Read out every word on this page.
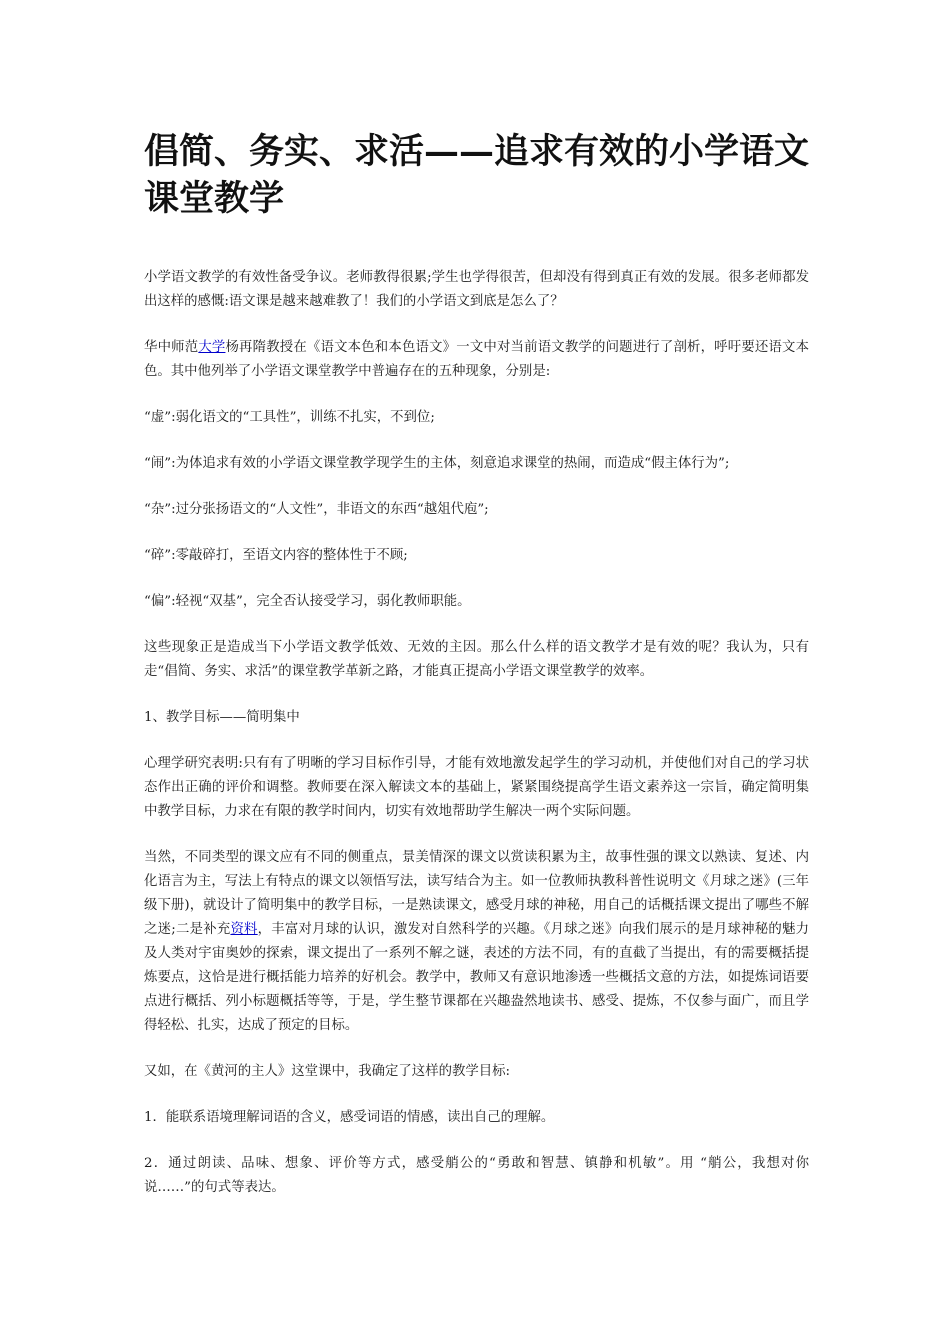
倡简、务实、求活——追求有效的小学语文课堂教学

小学语文教学的有效性备受争议。老师教得很累;学生也学得很苦，但却没有得到真正有效的发展。很多老师都发出这样的感慨:语文课是越来越难教了！我们的小学语文到底是怎么了？

华中师范大学杨再隋教授在《语文本色和本色语文》一文中对当前语文教学的问题进行了剖析，呼吁要还语文本色。其中他列举了小学语文课堂教学中普遍存在的五种现象，分别是:

“虚”:弱化语文的“工具性”，训练不扎实，不到位;

“闹”:为体追求有效的小学语文课堂教学现学生的主体，刻意追求课堂的热闹，而造成“假主体行为”;

“杂”:过分张扬语文的“人文性”，非语文的东西“越俎代庖”;

“碎”:零敲碎打，至语文内容的整体性于不顾;

“偏”:轻视“双基”，完全否认接受学习，弱化教师职能。

这些现象正是造成当下小学语文教学低效、无效的主因。那么什么样的语文教学才是有效的呢？我认为，只有走“倡简、务实、求活”的课堂教学革新之路，才能真正提高小学语文课堂教学的效率。

1、教学目标——简明集中

心理学研究表明:只有有了明晰的学习目标作引导，才能有效地激发起学生的学习动机，并使他们对自己的学习状态作出正确的评价和调整。教师要在深入解读文本的基础上，紧紧围绕提高学生语文素养这一宗旨，确定简明集中教学目标，力求在有限的教学时间内，切实有效地帮助学生解决一两个实际问题。

当然，不同类型的课文应有不同的侧重点，景美情深的课文以赏读积累为主，故事性强的课文以熟读、复述、内化语言为主，写法上有特点的课文以领悟写法，读写结合为主。如一位教师执教科普性说明文《月球之迷》(三年级下册)，就设计了简明集中的教学目标，一是熟读课文，感受月球的神秘，用自己的话概括课文提出了哪些不解之迷;二是补充资料，丰富对月球的认识，激发对自然科学的兴趣。《月球之迷》向我们展示的是月球神秘的魅力及人类对宇宙奥妙的探索，课文提出了一系列不解之谜，表述的方法不同，有的直截了当提出，有的需要概括提炼要点，这恰是进行概括能力培养的好机会。教学中，教师又有意识地渗透一些概括文意的方法，如提炼词语要点进行概括、列小标题概括等等，于是，学生整节课都在兴趣盎然地读书、感受、提炼，不仅参与面广，而且学得轻松、扎实，达成了预定的目标。

又如，在《黄河的主人》这堂课中，我确定了这样的教学目标:

1．能联系语境理解词语的含义，感受词语的情感，读出自己的理解。

2．通过朗读、品味、想象、评价等方式，感受艄公的“勇敢和智慧、镇静和机敏”。用 “艄公，我想对你说……”的句式等表达。
